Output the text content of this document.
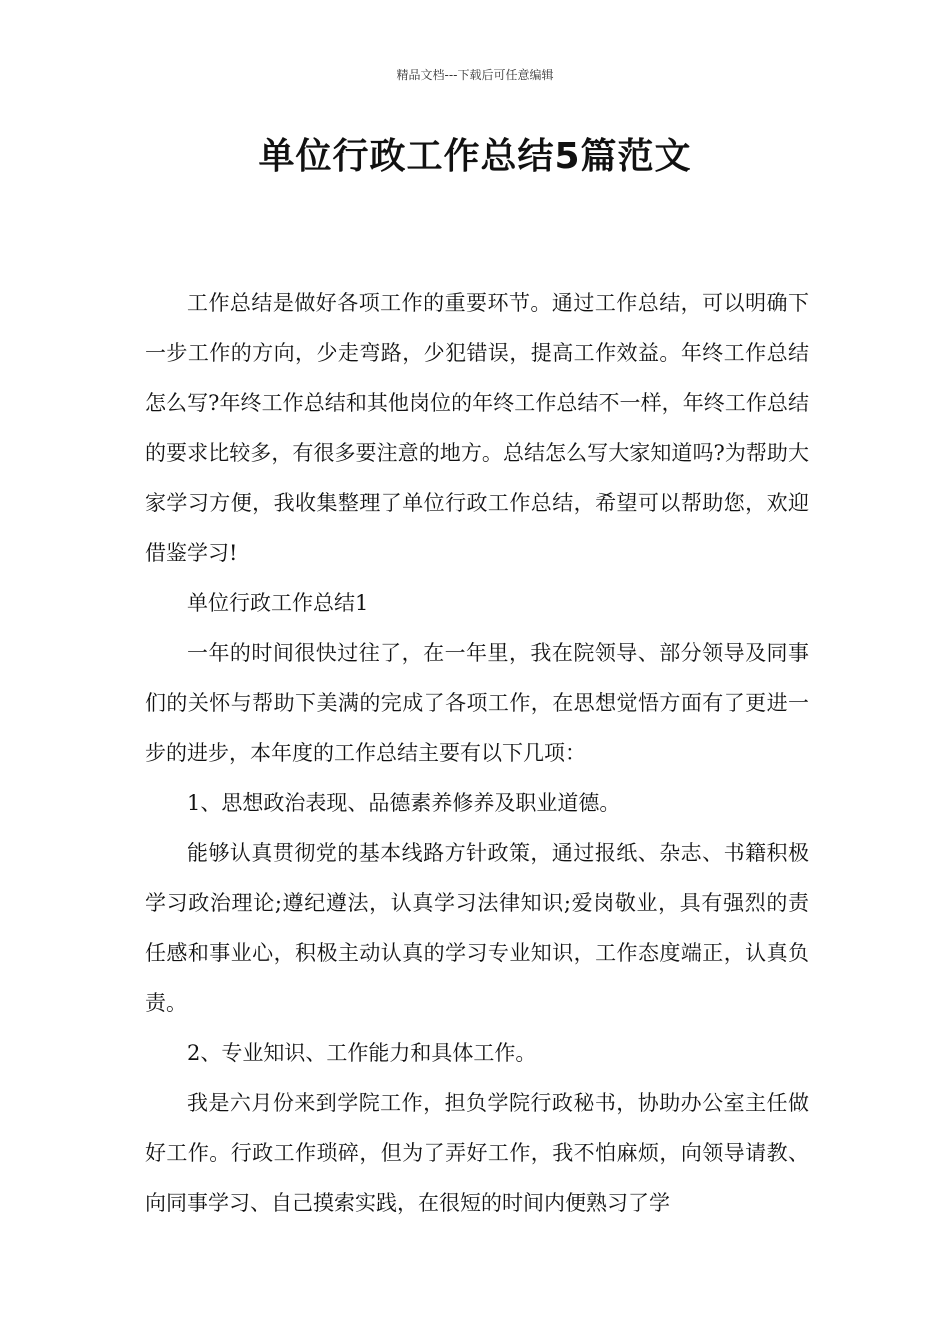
精品文档---下载后可任意编辑
单位行政工作总结5篇范文

工作总结是做好各项工作的重要环节。通过工作总结，可以明确下一步工作的方向，少走弯路，少犯错误，提高工作效益。年终工作总结怎么写?年终工作总结和其他岗位的年终工作总结不一样，年终工作总结的要求比较多，有很多要注意的地方。总结怎么写大家知道吗?为帮助大家学习方便，我收集整理了单位行政工作总结，希望可以帮助您，欢迎借鉴学习!

单位行政工作总结1

一年的时间很快过往了，在一年里，我在院领导、部分领导及同事们的关怀与帮助下美满的完成了各项工作，在思想觉悟方面有了更进一步的进步，本年度的工作总结主要有以下几项：

1、思想政治表现、品德素养修养及职业道德。

能够认真贯彻党的基本线路方针政策，通过报纸、杂志、书籍积极学习政治理论;遵纪遵法，认真学习法律知识;爱岗敬业，具有强烈的责任感和事业心，积极主动认真的学习专业知识，工作态度端正，认真负责。

2、专业知识、工作能力和具体工作。

我是六月份来到学院工作，担负学院行政秘书，协助办公室主任做好工作。行政工作琐碎，但为了弄好工作，我不怕麻烦，向领导请教、向同事学习、自己摸索实践，在很短的时间内便熟习了学
